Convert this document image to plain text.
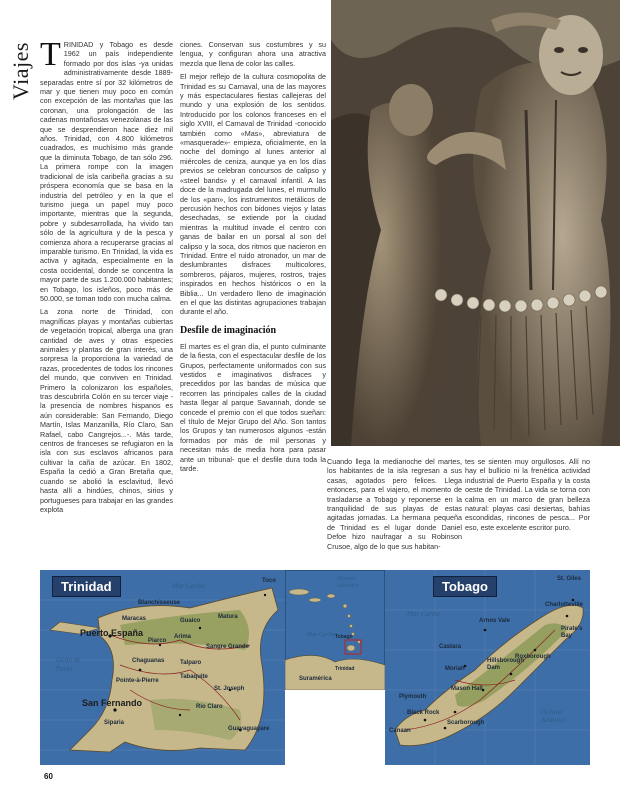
Viajes T RINIDAD y Tobago es desde 1962 un país independiente formado por dos islas -ya unidas administrativamente desde 1889- separadas entre sí por 32 kilómetros de mar y que tienen muy poco en común con excepción de las montañas que las coronan, una prolongación de las cadenas montañosas venezolanas de las que se desprendieron hace diez mil años. Trinidad, con 4.800 kilómetros cuadrados, es muchísimo más grande que la diminuta Tobago, de tan sólo 296. La primera rompe con la imagen tradicional de isla caribeña gracias a su próspera economía que se basa en la industria del petróleo y en la que el turismo juega un papel muy poco importante, mientras que la segunda, pobre y subdesarrollada, ha vivido tan sólo de la agricultura y de la pesca y comienza ahora a recuperarse gracias al imparable turismo. En Trinidad, la vida es activa y agitada, especialmente en la costa occidental, donde se concentra la mayor parte de sus 1.200.000 habitantes; en Tobago, los isleños, poco más de 50.000, se toman todo con mucha calma.

La zona norte de Trinidad, con magníficas playas y montañas cubiertas de vegetación tropical, alberga una gran cantidad de aves y otras especies animales y plantas de gran interés, una sorpresa la proporciona la variedad de razas, procedentes de todos los rincones del mundo, que conviven en Trinidad. Primero la colonizaron los españoles, tras descubrirla Colón en su tercer viaje -la presencia de nombres hispanos es aún considerable: San Fernando, Diego Martín, Islas Manzanilla, Río Claro, San Rafael, cabo Cangrejos...-. Más tarde, centros de franceses se refugiaron en la isla con sus esclavos africanos para cultivar la caña de azúcar. En 1802, España la cedió a Gran Bretaña que, cuando se abolió la esclavitud, llevó hasta allí a hindúes, chinos, sirios y portugueses para trabajar en las grandes explota

ciones. Conservan sus costumbres y su lengua, y configuran ahora una atractiva mezcla que llena de color las calles.

El mejor reflejo de la cultura cosmopolita de Trinidad es su Carnaval, una de las mayores y más espectaculares fiestas callejeras del mundo y una explosión de los sentidos. Introducido por los colonos franceses en el siglo XVIII, el Carnaval de Trinidad -conocido también como «Mas», abreviatura de «masquerade»- empieza, oficialmente, en la noche del domingo al lunes anterior al miércoles de ceniza, aunque ya en los días previos se celebran concursos de calipso y «steel bands» y el carnaval infantil. A las doce de la madrugada del lunes, el murmullo de los «pan», los instrumentos metálicos de percusión hechos con bidones viejos y latas desechadas, se extiende por la ciudad mientras la multitud invade el centro con ganas de bailar en un porsal al son del calipso y la soca, dos ritmos que nacieron en Trinidad. Entre el ruido atronador, un mar de deslumbrantes disfraces multicolores, sombreros, pájaros, mujeres, rostros, trajes inspirados en hechos históricos o en la Biblia... Un verdadero lleno de imaginación en el que las distintas agrupaciones trabajan durante el año.

Desfile de imaginación

El martes es el gran día, el punto culminante de la fiesta, con el espectacular desfile de los Grupos, perfectamente uniformados con sus vestidos e imaginativos disfraces y precedidos por las bandas de música que recorren las principales calles de la ciudad hasta llegar al parque Savannah, donde se concede el premio con el que todos sueñan: el título de Mejor Grupo del Año. Son tantos los Grupos y tan numerosos algunos -están formados por más de mil personas y necesitan más de media hora para pasar ante un tribunal- que el desfile dura toda la tarde.

Cuando llega la medianoche del martes, los habitantes de la isla regresan a sus casas, agotados pero felices. Llega entonces, para el viajero, el momento de trasladarse a Tobago y reponerse en la tranquilidad de sus playas de estas agitadas jornadas. La hermana pequeña de Trinidad es el lugar donde Daniel Defoe hizo naufragar a su Robinson Crusoe, algo de lo que sus habitan-

tes se sienten muy orgullosos. Allí no hay el bullicio ni la frenética actividad industrial de Puerto España y la costa oeste de Trinidad. La vida se torna con calma en un marco de gran belleza natural: playas casi desiertas, bahías escondidas, rincones de pesca... Por eso, este excelente escritor puro.

Trinidad	Mar Caribe
Golfo de Paria
Toco
Blanchisseuse
Maracas	Guaico
Matura
Piarco
Puerto España	Arima
Sangre Grande
Chaguanas	Talparo
Pointe-à-Pierre
Tabaquite
San Fernando
Siparia
St. Joseph
Río Claro
Guayaguayare
Océano Atlántico
Mar Caribe Tobago
Trinidad
Suramérica
Tobago
Mar Caribe
Océano Atlántico
St. Giles
Charlotteville
Arnos Vale
Pirate's Bay
Roxborough
Castara
Hillsborough Dam
Moriah
Mason Hall
Plymouth
Black Rock
Scarborough
Canaan
60
